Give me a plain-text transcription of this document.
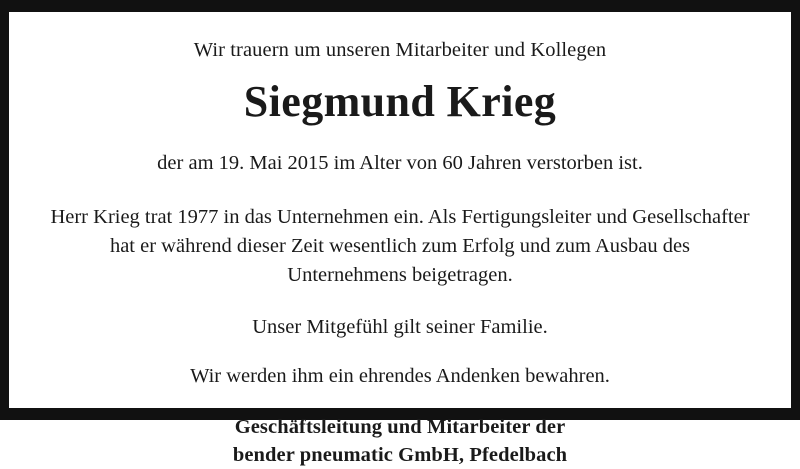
Wir trauern um unseren Mitarbeiter und Kollegen

Siegmund Krieg

der am 19. Mai 2015 im Alter von 60 Jahren verstorben ist.

Herr Krieg trat 1977 in das Unternehmen ein. Als Fertigungsleiter und Gesellschafter hat er während dieser Zeit wesentlich zum Erfolg und zum Ausbau des Unternehmens beigetragen.

Unser Mitgefühl gilt seiner Familie.

Wir werden ihm ein ehrendes Andenken bewahren.

Geschäftsleitung und Mitarbeiter der
bender pneumatic GmbH, Pfedelbach
